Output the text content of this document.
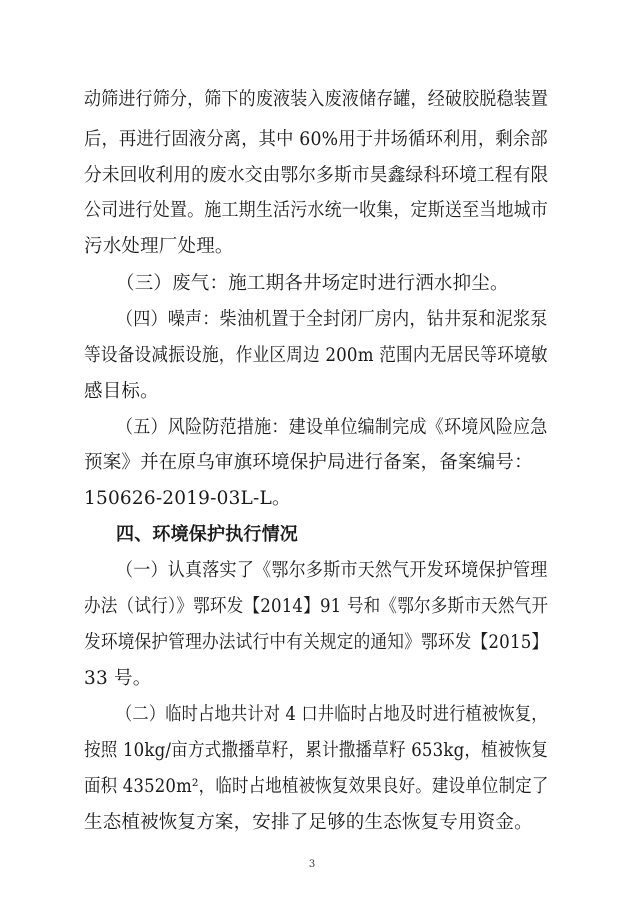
动筛进行筛分，筛下的废液装入废液储存罐，经破胶脱稳装置
后，再进行固液分离，其中 60%用于井场循环利用，剩余部
分未回收利用的废水交由鄂尔多斯市昊鑫绿科环境工程有限
公司进行处置。施工期生活污水统一收集，定斯送至当地城市
污水处理厂处理。
（三）废气：施工期各井场定时进行洒水抑尘。
（四）噪声：柴油机置于全封闭厂房内，钻井泵和泥浆泵
等设备设减振设施，作业区周边 200m 范围内无居民等环境敏
感目标。
（五）风险防范措施：建设单位编制完成《环境风险应急
预案》并在原乌审旗环境保护局进行备案，备案编号：
150626-2019-03L-L。
四、环境保护执行情况
（一）认真落实了《鄂尔多斯市天然气开发环境保护管理
办法（试行）》鄂环发【2014】91 号和《鄂尔多斯市天然气开
发环境保护管理办法试行中有关规定的通知》鄂环发【2015】
33 号。
（二）临时占地共计对 4 口井临时占地及时进行植被恢复，
按照 10kg/亩方式撒播草籽，累计撒播草籽 653kg，植被恢复
面积 43520m²，临时占地植被恢复效果良好。建设单位制定了
生态植被恢复方案，安排了足够的生态恢复专用资金。
3
